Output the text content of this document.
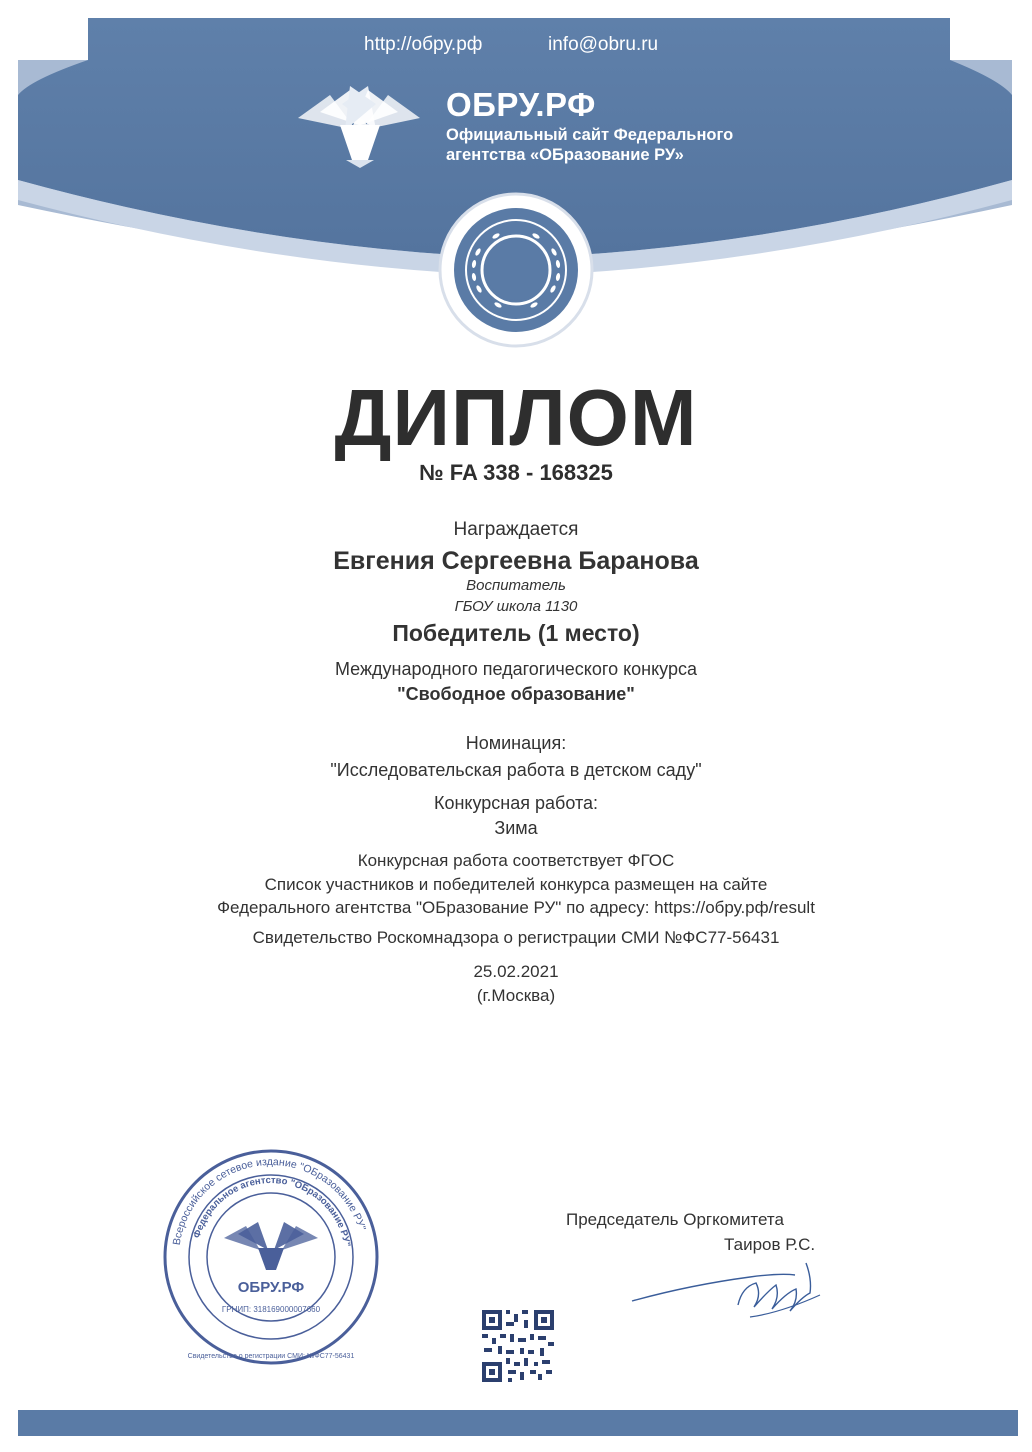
http://обру.рф	info@obru.ru
ОБРУ.РФ
Официальный сайт Федерального
агентства «ОБразование РУ»
ДИПЛОМ
№ FA 338 - 168325
Награждается
Евгения Сергеевна Баранова
Воспитатель
ГБОУ школа 1130
Победитель (1 место)
Международного педагогического конкурса
"Свободное образование"
Номинация:
"Исследовательская работа в детском саду"
Конкурсная работа:
Зима
Конкурсная работа соответствует ФГОС
Список участников и победителей конкурса размещен на сайте
Федерального агентства "ОБразование РУ" по адресу: https://обру.рф/result
Свидетельство Роскомнадзора о регистрации СМИ №ФС77-56431
25.02.2021
(г.Москва)
Всероссийское сетевое издание "ОБразование РУ"
Федеральное агентство "ОБразование РУ"
ОБРУ.РФ
ГРНИП: 318169000007660
Свидетельство о регистрации СМИ: №ФС77-56431
Председатель Оргкомитета
Таиров Р.С.
